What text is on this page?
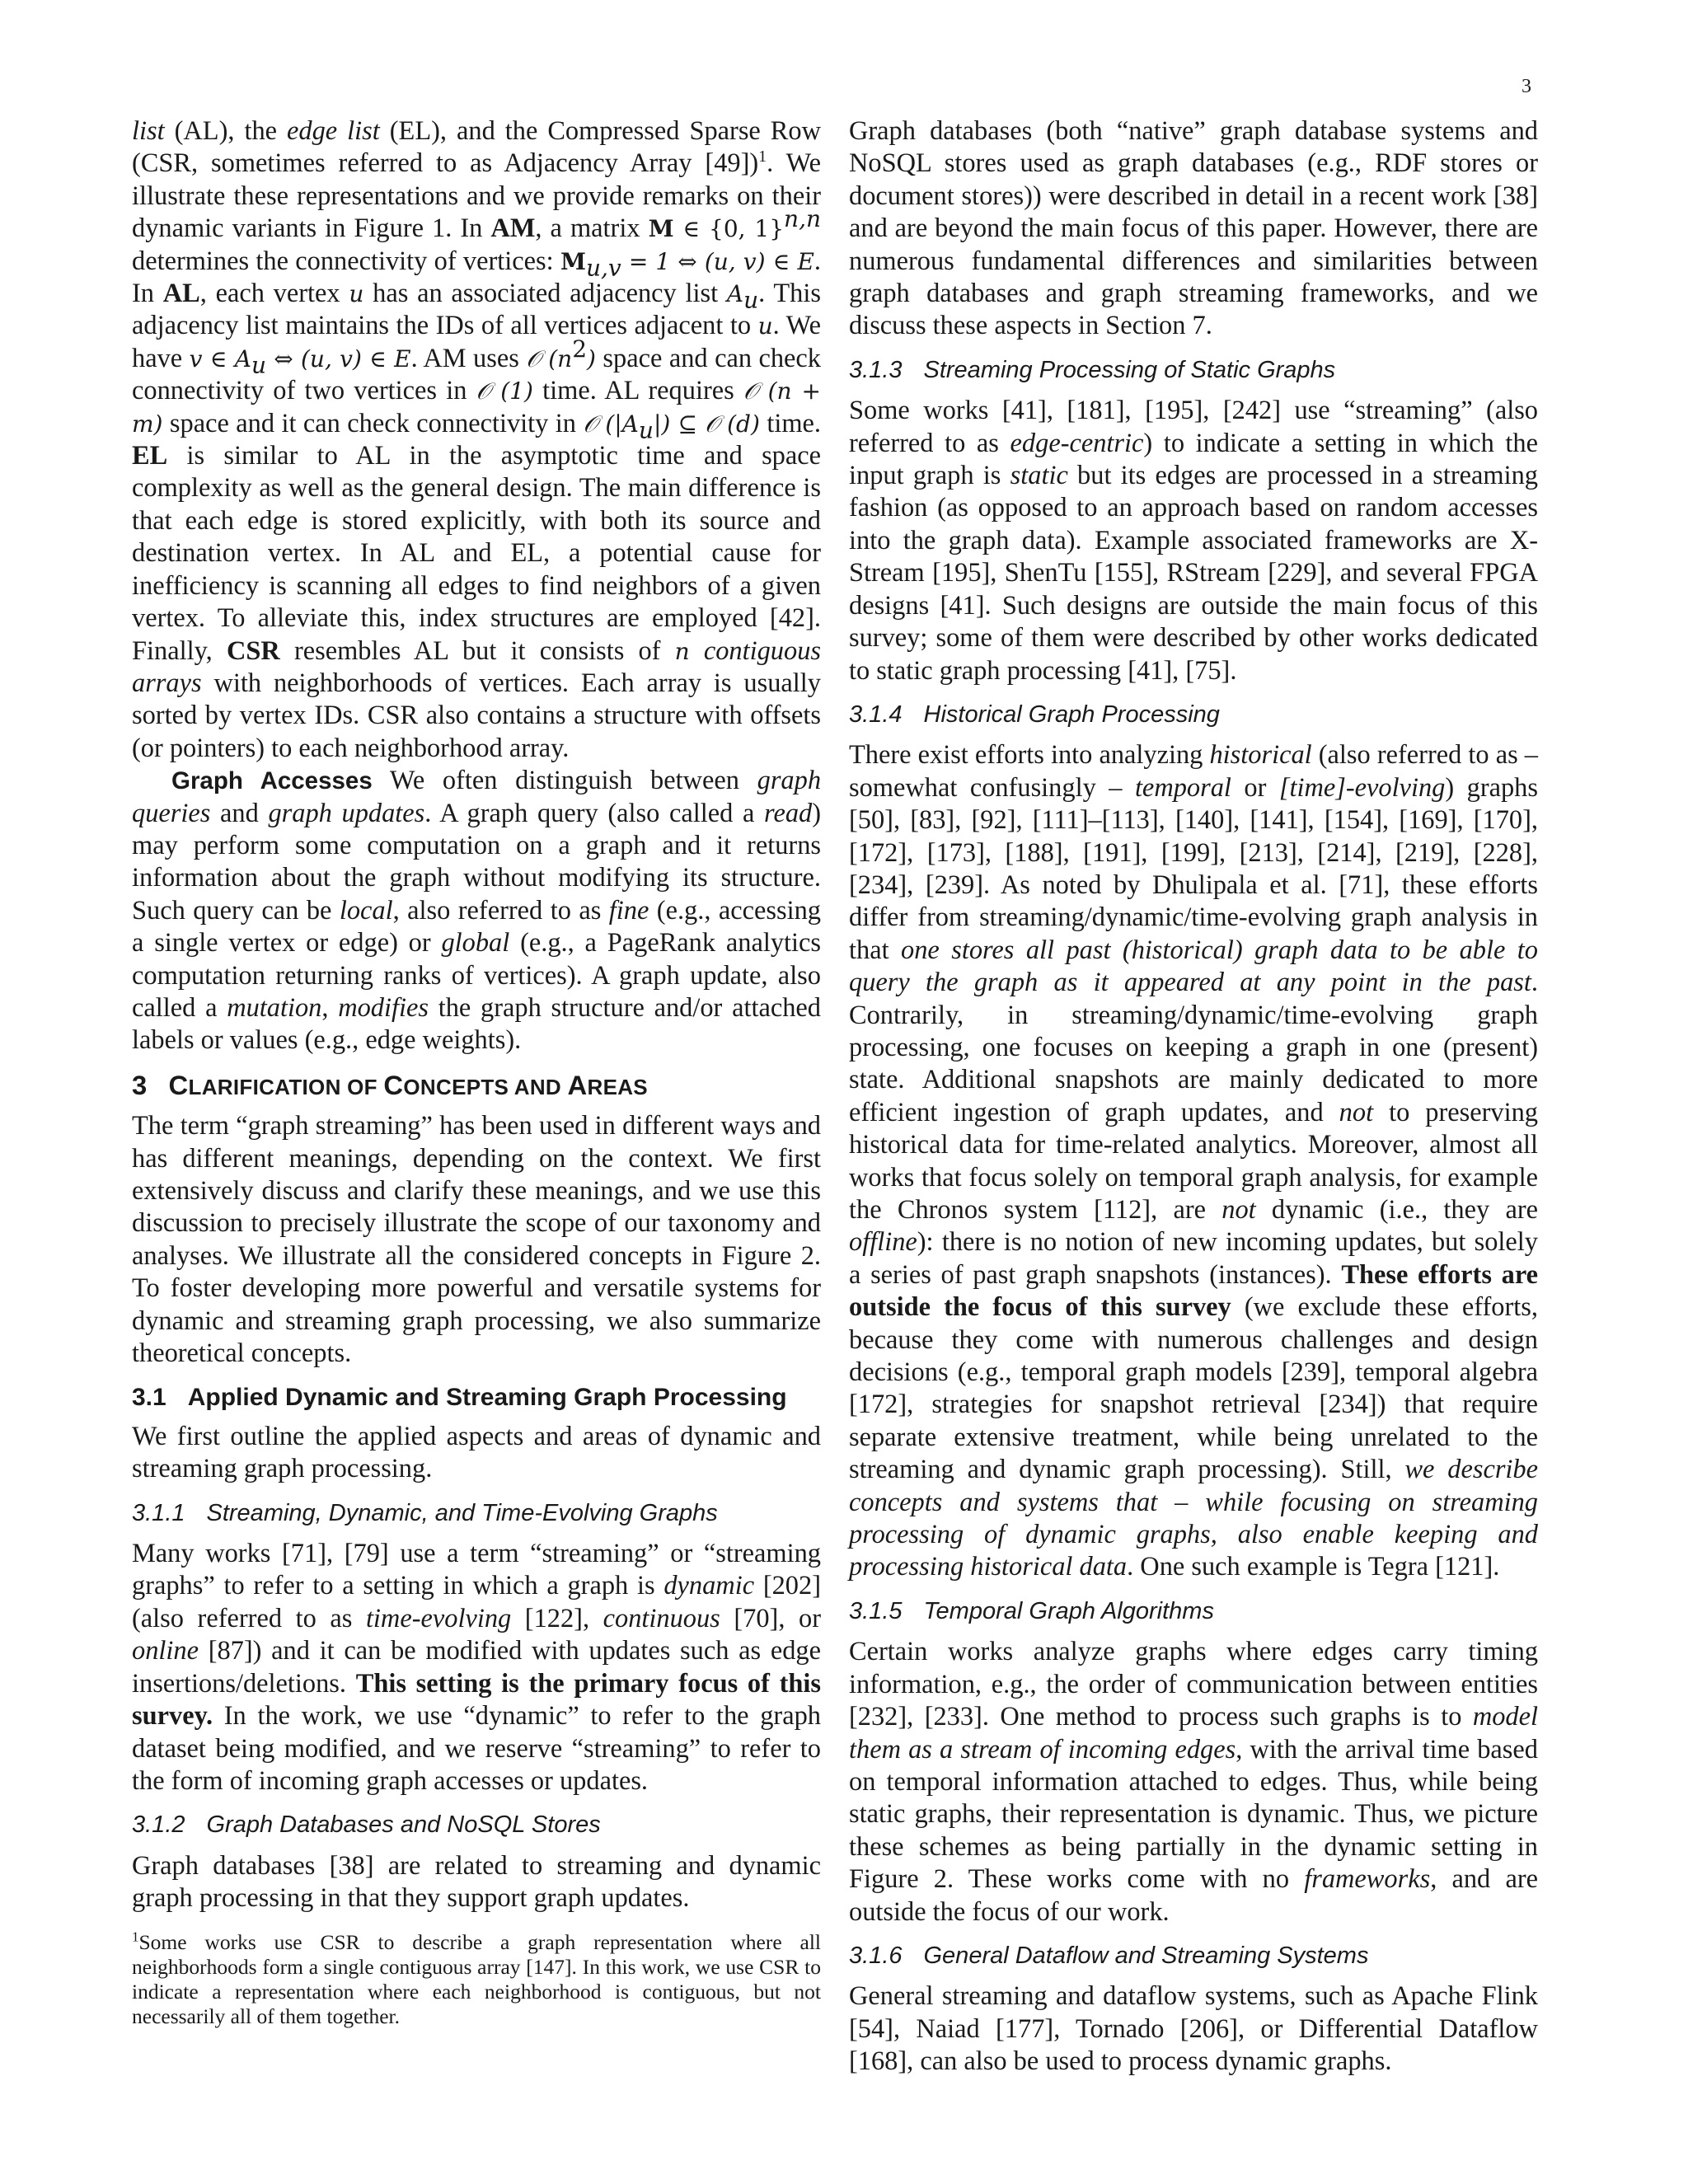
3

list (AL), the edge list (EL), and the Compressed Sparse Row (CSR, sometimes referred to as Adjacency Array [49])$^1$. We illustrate these representations and we provide remarks on their dynamic variants in Figure 1. In AM, a matrix M ∈ {0, 1}$^{n,n}$ determines the connectivity of vertices: $M_{u,v} = 1$ ⇔ (u, v) ∈ E. In AL, each vertex u has an associated adjacency list $A_u$. This adjacency list maintains the IDs of all vertices adjacent to u. We have v ∈ $A_u$ ⇔ (u, v) ∈ E. AM uses 𝒪 $(n^2)$ space and can check connectivity of two vertices in 𝒪 (1) time. AL requires 𝒪 (n + m) space and it can check connectivity in 𝒪 $(|A_u|)$ ⊆ 𝒪 (d) time. EL is similar to AL in the asymptotic time and space complexity as well as the general design. The main difference is that each edge is stored explicitly, with both its source and destination vertex. In AL and EL, a potential cause for inefficiency is scanning all edges to find neighbors of a given vertex. To alleviate this, index structures are employed [42]. Finally, CSR resembles AL but it consists of n contiguous arrays with neighborhoods of vertices. Each array is usually sorted by vertex IDs. CSR also contains a structure with offsets (or pointers) to each neighborhood array.

Graph Accesses We often distinguish between graph queries and graph updates. A graph query (also called a read) may perform some computation on a graph and it returns information about the graph without modifying its structure. Such query can be local, also referred to as fine (e.g., accessing a single vertex or edge) or global (e.g., a PageRank analytics computation returning ranks of vertices). A graph update, also called a mutation, modifies the graph structure and/or attached labels or values (e.g., edge weights).

3 CLARIFICATION OF CONCEPTS AND AREAS

The term “graph streaming” has been used in different ways and has different meanings, depending on the context. We first extensively discuss and clarify these meanings, and we use this discussion to precisely illustrate the scope of our taxonomy and analyses. We illustrate all the considered concepts in Figure 2. To foster developing more powerful and versatile systems for dynamic and streaming graph processing, we also summarize theoretical concepts.

3.1 Applied Dynamic and Streaming Graph Processing

We first outline the applied aspects and areas of dynamic and streaming graph processing.

3.1.1 Streaming, Dynamic, and Time-Evolving Graphs

Many works [71], [79] use a term “streaming” or “streaming graphs” to refer to a setting in which a graph is dynamic [202] (also referred to as time-evolving [122], continuous [70], or online [87]) and it can be modified with updates such as edge insertions/deletions. This setting is the primary focus of this survey. In the work, we use “dynamic” to refer to the graph dataset being modified, and we reserve “streaming” to refer to the form of incoming graph accesses or updates.

3.1.2 Graph Databases and NoSQL Stores

Graph databases [38] are related to streaming and dynamic graph processing in that they support graph updates.

$^1$Some works use CSR to describe a graph representation where all neighborhoods form a single contiguous array [147]. In this work, we use CSR to indicate a representation where each neighborhood is contiguous, but not necessarily all of them together.

Graph databases (both “native” graph database systems and NoSQL stores used as graph databases (e.g., RDF stores or document stores)) were described in detail in a recent work [38] and are beyond the main focus of this paper. However, there are numerous fundamental differences and similarities between graph databases and graph streaming frameworks, and we discuss these aspects in Section 7.

3.1.3 Streaming Processing of Static Graphs

Some works [41], [181], [195], [242] use “streaming” (also referred to as edge-centric) to indicate a setting in which the input graph is static but its edges are processed in a streaming fashion (as opposed to an approach based on random accesses into the graph data). Example associated frameworks are X-Stream [195], ShenTu [155], RStream [229], and several FPGA designs [41]. Such designs are outside the main focus of this survey; some of them were described by other works dedicated to static graph processing [41], [75].

3.1.4 Historical Graph Processing

There exist efforts into analyzing historical (also referred to as – somewhat confusingly – temporal or [time]-evolving) graphs [50], [83], [92], [111]–[113], [140], [141], [154], [169], [170], [172], [173], [188], [191], [199], [213], [214], [219], [228], [234], [239]. As noted by Dhulipala et al. [71], these efforts differ from streaming/dynamic/time-evolving graph analysis in that one stores all past (historical) graph data to be able to query the graph as it appeared at any point in the past. Contrarily, in streaming/dynamic/time-evolving graph processing, one focuses on keeping a graph in one (present) state. Additional snapshots are mainly dedicated to more efficient ingestion of graph updates, and not to preserving historical data for time-related analytics. Moreover, almost all works that focus solely on temporal graph analysis, for example the Chronos system [112], are not dynamic (i.e., they are offline): there is no notion of new incoming updates, but solely a series of past graph snapshots (instances). These efforts are outside the focus of this survey (we exclude these efforts, because they come with numerous challenges and design decisions (e.g., temporal graph models [239], temporal algebra [172], strategies for snapshot retrieval [234]) that require separate extensive treatment, while being unrelated to the streaming and dynamic graph processing). Still, we describe concepts and systems that – while focusing on streaming processing of dynamic graphs, also enable keeping and processing historical data. One such example is Tegra [121].

3.1.5 Temporal Graph Algorithms

Certain works analyze graphs where edges carry timing information, e.g., the order of communication between entities [232], [233]. One method to process such graphs is to model them as a stream of incoming edges, with the arrival time based on temporal information attached to edges. Thus, while being static graphs, their representation is dynamic. Thus, we picture these schemes as being partially in the dynamic setting in Figure 2. These works come with no frameworks, and are outside the focus of our work.

3.1.6 General Dataflow and Streaming Systems

General streaming and dataflow systems, such as Apache Flink [54], Naiad [177], Tornado [206], or Differential Dataflow [168], can also be used to process dynamic graphs.
